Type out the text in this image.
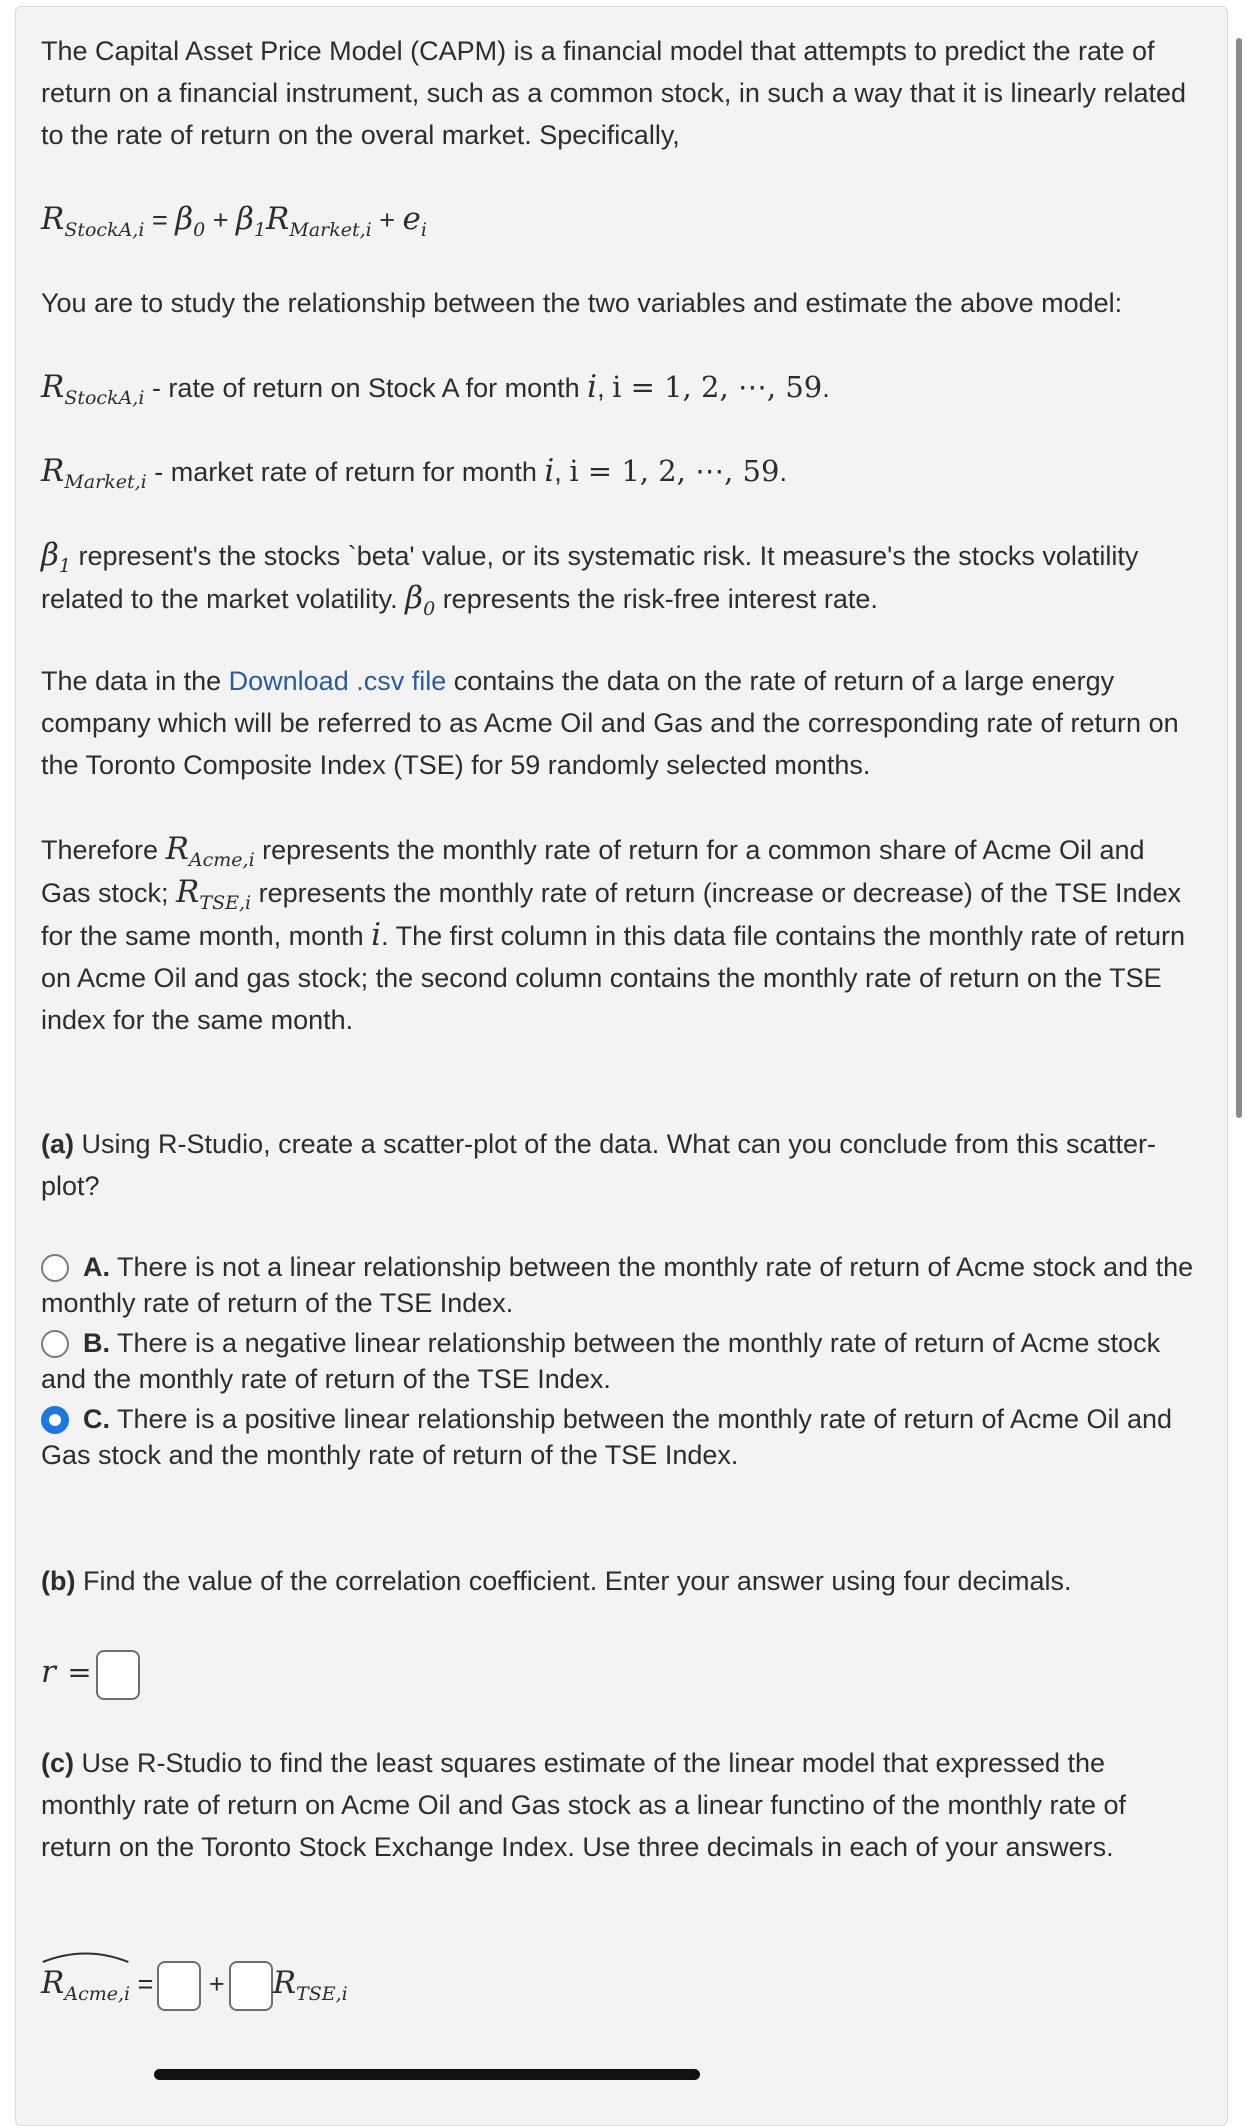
The Capital Asset Price Model (CAPM) is a financial model that attempts to predict the rate of return on a financial instrument, such as a common stock, in such a way that it is linearly related to the rate of return on the overal market. Specifically,
$R_{StockA,i} = \beta_0 + \beta_1R_{Market,i} + e_i$
You are to study the relationship between the two variables and estimate the above model:
$R_{StockA,i}$ - rate of return on Stock A for month i, i = 1, 2, ⋯, 59.
$R_{Market,i}$ - market rate of return for month i, i = 1, 2, ⋯, 59.
$\beta_1$ represent's the stocks `beta' value, or its systematic risk. It measure's the stocks volatility related to the market volatility. $\beta_0$ represents the risk-free interest rate.
The data in the Download .csv file contains the data on the rate of return of a large energy company which will be referred to as Acme Oil and Gas and the corresponding rate of return on the Toronto Composite Index (TSE) for 59 randomly selected months.
Therefore $R_{Acme,i}$ represents the monthly rate of return for a common share of Acme Oil and Gas stock; $R_{TSE,i}$ represents the monthly rate of return (increase or decrease) of the TSE Index for the same month, month i. The first column in this data file contains the monthly rate of return on Acme Oil and gas stock; the second column contains the monthly rate of return on the TSE index for the same month.
(a) Using R-Studio, create a scatter-plot of the data. What can you conclude from this scatter-plot?
A. There is not a linear relationship between the monthly rate of return of Acme stock and the monthly rate of return of the TSE Index.
B. There is a negative linear relationship between the monthly rate of return of Acme stock and the monthly rate of return of the TSE Index.
C. There is a positive linear relationship between the monthly rate of return of Acme Oil and Gas stock and the monthly rate of return of the TSE Index.
(b) Find the value of the correlation coefficient. Enter your answer using four decimals.
r =
(c) Use R-Studio to find the least squares estimate of the linear model that expressed the monthly rate of return on Acme Oil and Gas stock as a linear functino of the monthly rate of return on the Toronto Stock Exchange Index. Use three decimals in each of your answers.
$R_{Acme,i}$ = + $R_{TSE,i}$
